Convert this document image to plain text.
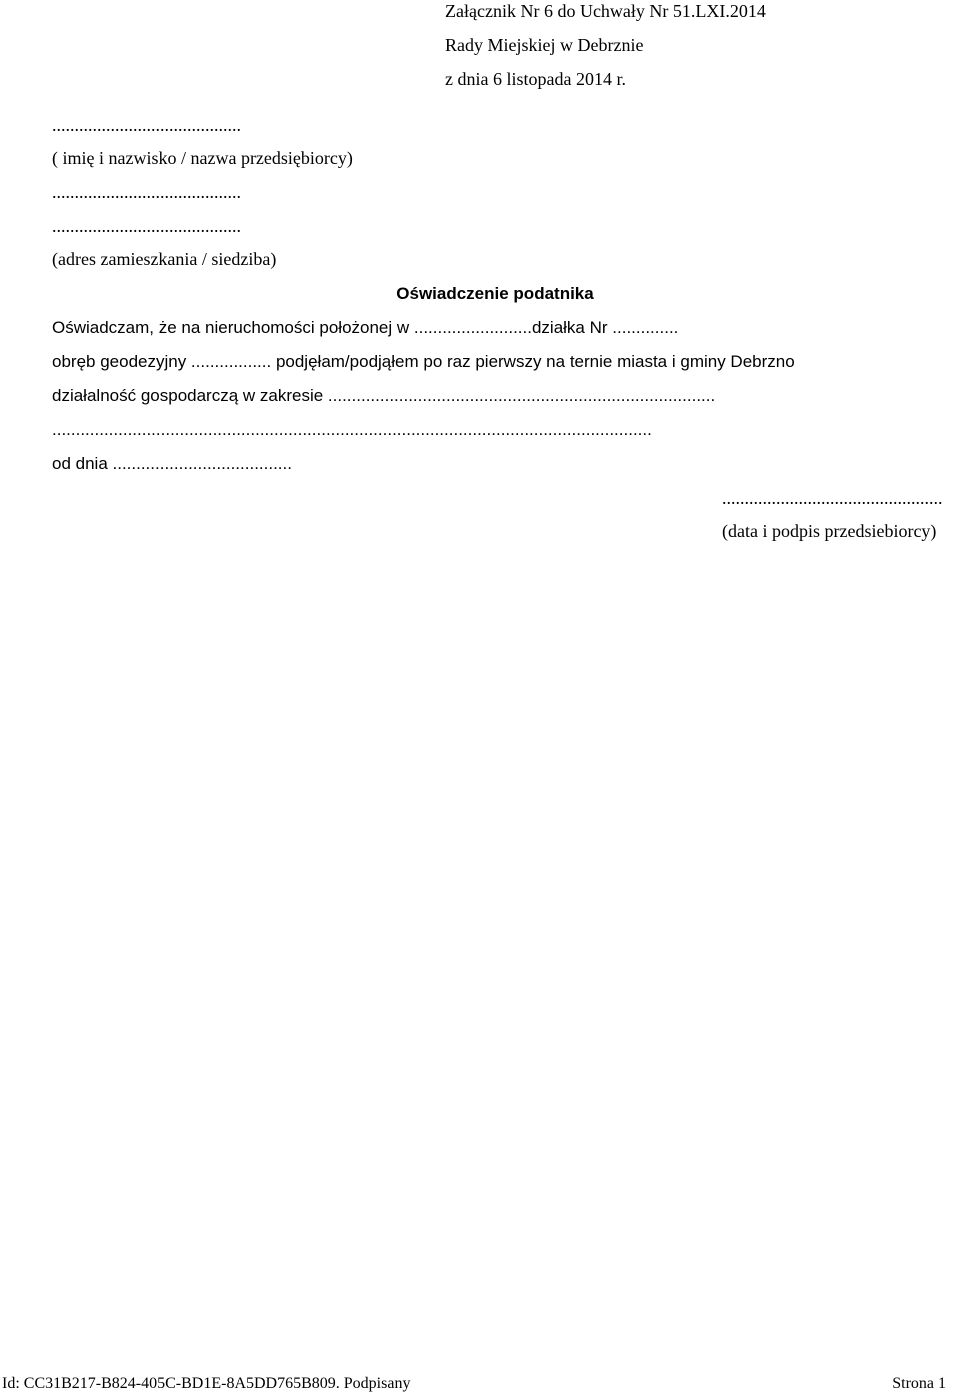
Załącznik Nr 6 do Uchwały Nr 51.LXI.2014
Rady Miejskiej w Debrznie
z dnia 6 listopada 2014 r.
..........................................
( imię i nazwisko / nazwa przedsiębiorcy)
..........................................
..........................................
(adres zamieszkania / siedziba)
Oświadczenie podatnika
Oświadczam, że na nieruchomości położonej w .........................działka Nr ..............
obręb geodezyjny ................. podjęłam/podjąłem po raz pierwszy na ternie miasta i gminy Debrzno
działalność gospodarczą w zakresie ..................................................................................
...............................................................................................................................
od dnia ......................................
.................................................
(data i podpis przedsiebiorcy)
Id: CC31B217-B824-405C-BD1E-8A5DD765B809. Podpisany	Strona 1
